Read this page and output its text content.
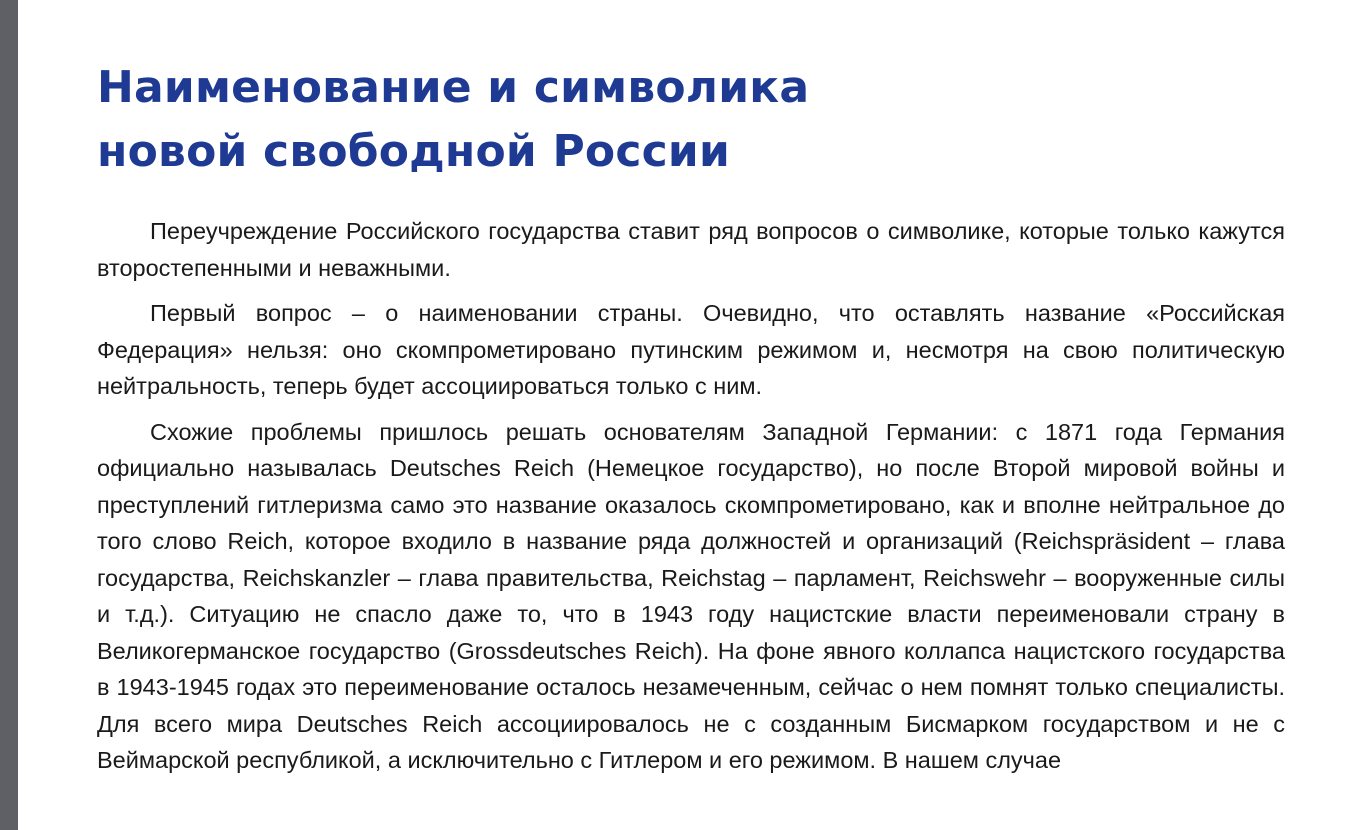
Наименование и символика
новой свободной России

Переучреждение Российского государства ставит ряд вопросов о символике, которые только кажутся второстепенными и неважными.

Первый вопрос – о наименовании страны. Очевидно, что оставлять название «Российская Федерация» нельзя: оно скомпрометировано путинским режимом и, несмотря на свою политическую нейтральность, теперь будет ассоциироваться только с ним.

Схожие проблемы пришлось решать основателям Западной Германии: с 1871 года Германия официально называлась Deutsches Reich (Немецкое государство), но после Второй мировой войны и преступлений гитлеризма само это название оказалось скомпрометировано, как и вполне нейтральное до того слово Reich, которое входило в название ряда должностей и организаций (Reichspräsident – глава государства, Reichskanzler – глава правительства, Reichstag – парламент, Reichswehr – вооруженные силы и т.д.). Ситуацию не спасло даже то, что в 1943 году нацистские власти переименовали страну в Великогерманское государство (Grossdeutsches Reich). На фоне явного коллапса нацистского государства в 1943-1945 годах это переименование осталось незамеченным, сейчас о нем помнят только специалисты. Для всего мира Deutsches Reich ассоциировалось не с созданным Бисмарком государством и не с Веймарской республикой, а исключительно с Гитлером и его режимом. В нашем случае
